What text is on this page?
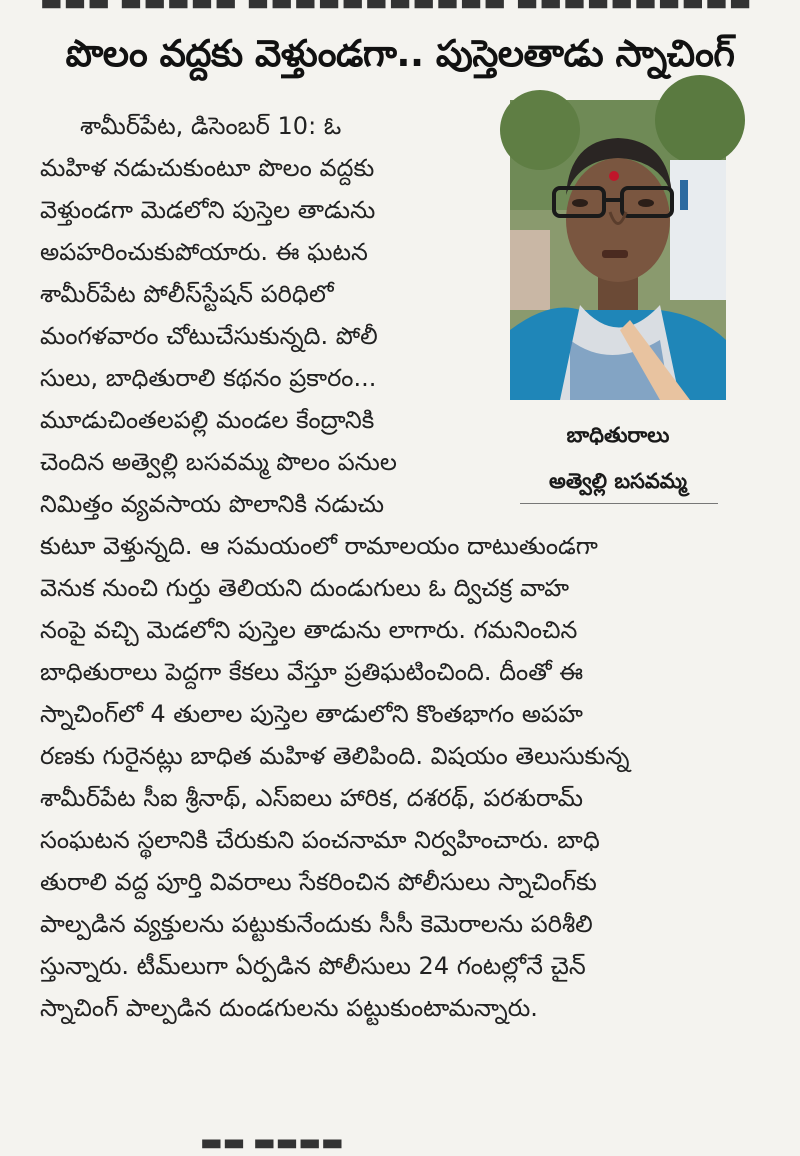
▬▬▬ ▬▬▬▬▬ ▬▬▬▬▬▬▬▬▬▬▬ ▬▬▬▬▬▬▬▬▬▬
పొలం వద్దకు వెళ్తుండగా.. పుస్తెలతాడు స్నాచింగ్
బాధితురాలు
అత్వెల్లి బసవమ్మ
శామీర్‌పేట, డిసెంబర్ 10: ఓ
మహిళ నడుచుకుంటూ పొలం వద్దకు
వెళ్తుండగా మెడలోని పుస్తెల తాడును
అపహరించుకుపోయారు. ఈ ఘటన
శామీర్‌పేట పోలీస్‌స్టేషన్ పరిధిలో
మంగళవారం చోటుచేసుకున్నది. పోలీ
సులు, బాధితురాలి కథనం ప్రకారం...
మూడుచింతలపల్లి మండల కేంద్రానికి
చెందిన అత్వెల్లి బసవమ్మ పొలం పనుల
నిమిత్తం వ్యవసాయ పొలానికి నడుచు
కుటూ వెళ్తున్నది. ఆ సమయంలో రామాలయం దాటుతుండగా
వెనుక నుంచి గుర్తు తెలియని దుండుగులు ఓ ద్విచక్ర వాహ
నంపై వచ్చి మెడలోని పుస్తెల తాడును లాగారు. గమనించిన
బాధితురాలు పెద్దగా కేకలు వేస్తూ ప్రతిఘటించింది. దీంతో ఈ
స్నాచింగ్‌లో 4 తులాల పుస్తెల తాడులోని కొంతభాగం అపహ
రణకు గురైనట్లు బాధిత మహిళ తెలిపింది. విషయం తెలుసుకున్న
శామీర్‌పేట సీఐ శ్రీనాథ్, ఎస్ఐలు హారిక, దశరథ్, పరశురామ్
సంఘటన స్థలానికి చేరుకుని పంచనామా నిర్వహించారు. బాధి
తురాలి వద్ద పూర్తి వివరాలు సేకరించిన పోలీసులు స్నాచింగ్‌కు
పాల్పడిన వ్యక్తులను పట్టుకునేందుకు సీసీ కెమెరాలను పరిశీలి
స్తున్నారు. టీమ్‌లుగా ఏర్పడిన పోలీసులు 24 గంటల్లోనే చైన్
స్నాచింగ్ పాల్పడిన దుండగులను పట్టుకుంటామన్నారు.
▬▬ ▬▬▬▬
